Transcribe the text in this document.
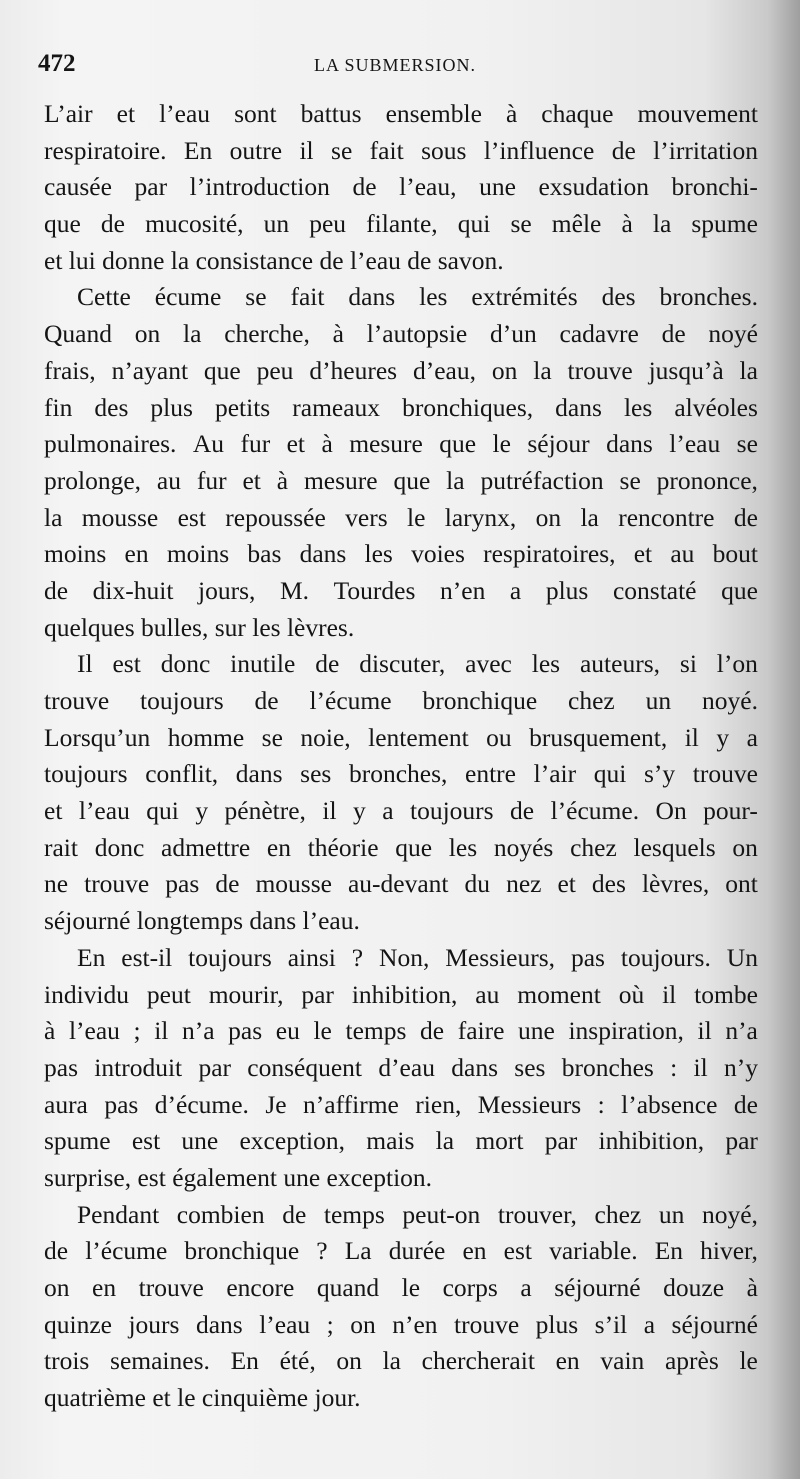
472	LA SUBMERSION.
L’air et l’eau sont battus ensemble à chaque mouvement
respiratoire. En outre il se fait sous l’influence de l’irritation
causée par l’introduction de l’eau, une exsudation bronchi-
que de mucosité, un peu filante, qui se mêle à la spume
et
lui
donne
la
consistance
de
l’eau
de
savon.
Cette écume se fait dans les extrémités des bronches.
Quand on la cherche, à l’autopsie d’un cadavre de noyé
frais, n’ayant que peu d’heures d’eau, on la trouve jusqu’à la
fin des plus petits rameaux bronchiques, dans les alvéoles
pulmonaires. Au fur et à mesure que le séjour dans l’eau se
prolonge, au fur et à mesure que la putréfaction se prononce,
la mousse est repoussée vers le larynx, on la rencontre de
moins en moins bas dans les voies respiratoires, et au bout
de dix-huit jours, M. Tourdes n’en a plus constaté que
quelques
bulles,
sur
les
lèvres.
Il est donc inutile de discuter, avec les auteurs, si l’on
trouve toujours de l’écume bronchique chez un noyé.
Lorsqu’un homme se noie, lentement ou brusquement, il y a
toujours conflit, dans ses bronches, entre l’air qui s’y trouve
et l’eau qui y pénètre, il y a toujours de l’écume. On pour-
rait donc admettre en théorie que les noyés chez lesquels on
ne trouve pas de mousse au-devant du nez et des lèvres, ont
séjourné
longtemps
dans
l’eau.
En est-il toujours ainsi ? Non, Messieurs, pas toujours. Un
individu peut mourir, par inhibition, au moment où il tombe
à l’eau ; il n’a pas eu le temps de faire une inspiration, il n’a
pas introduit par conséquent d’eau dans ses bronches : il n’y
aura pas d’écume. Je n’affirme rien, Messieurs : l’absence de
spume est une exception, mais la mort par inhibition, par
surprise,
est
également
une
exception.
Pendant combien de temps peut-on trouver, chez un noyé,
de l’écume bronchique ? La durée en est variable. En hiver,
on en trouve encore quand le corps a séjourné douze à
quinze jours dans l’eau ; on n’en trouve plus s’il a séjourné
trois semaines. En été, on la chercherait en vain après le
quatrième
et
le
cinquième
jour.
